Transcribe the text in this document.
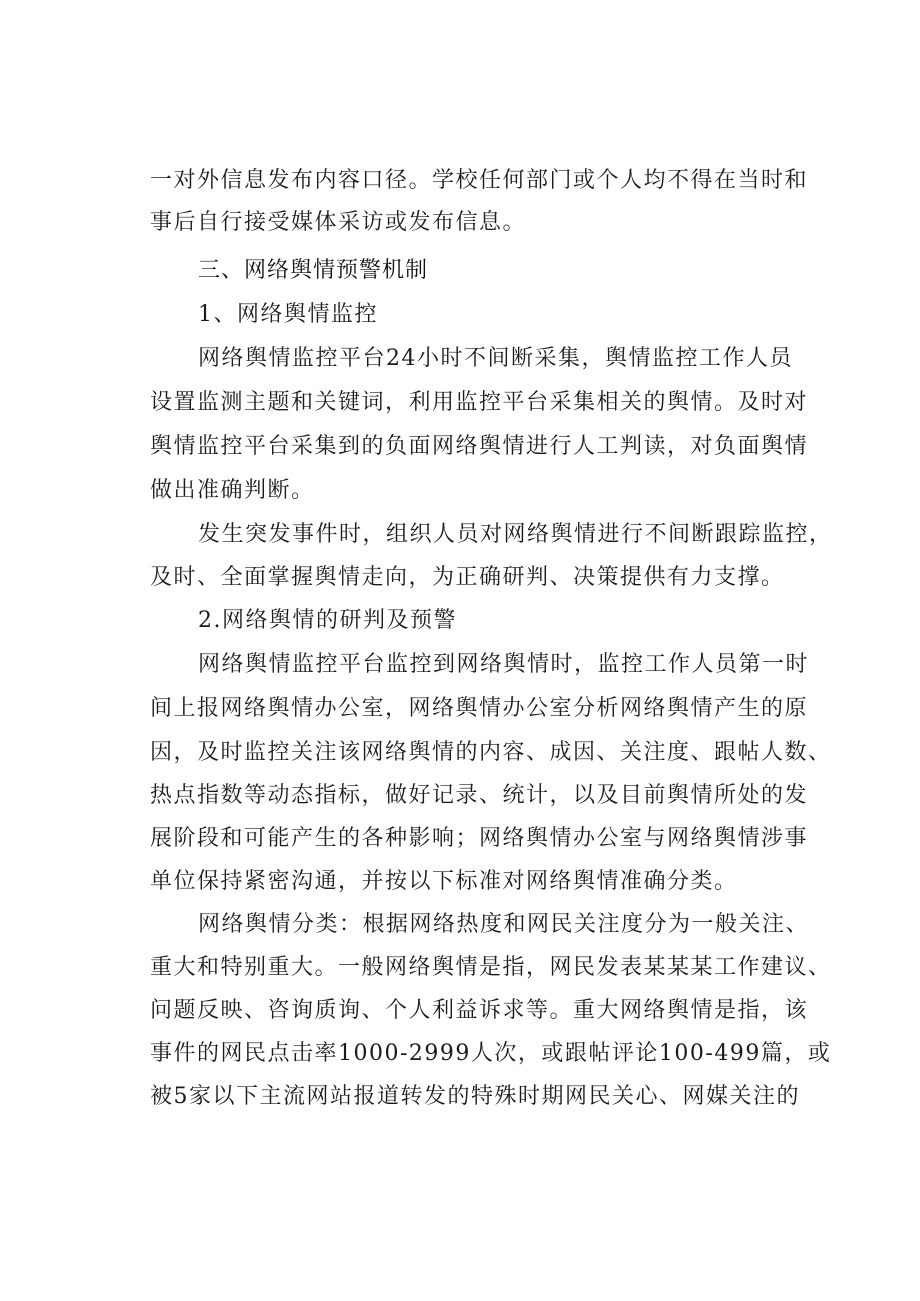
一对外信息发布内容口径。学校任何部门或个人均不得在当时和
事后自行接受媒体采访或发布信息。
三、网络舆情预警机制
1、网络舆情监控
网络舆情监控平台24小时不间断采集，舆情监控工作人员
设置监测主题和关键词，利用监控平台采集相关的舆情。及时对
舆情监控平台采集到的负面网络舆情进行人工判读，对负面舆情
做出准确判断。
发生突发事件时，组织人员对网络舆情进行不间断跟踪监控，
及时、全面掌握舆情走向，为正确研判、决策提供有力支撑。
2.网络舆情的研判及预警
网络舆情监控平台监控到网络舆情时，监控工作人员第一时
间上报网络舆情办公室，网络舆情办公室分析网络舆情产生的原
因，及时监控关注该网络舆情的内容、成因、关注度、跟帖人数、
热点指数等动态指标，做好记录、统计，以及目前舆情所处的发
展阶段和可能产生的各种影响；网络舆情办公室与网络舆情涉事
单位保持紧密沟通，并按以下标准对网络舆情准确分类。
网络舆情分类：根据网络热度和网民关注度分为一般关注、
重大和特别重大。一般网络舆情是指，网民发表某某某工作建议、
问题反映、咨询质询、个人利益诉求等。重大网络舆情是指，该
事件的网民点击率1000-2999人次，或跟帖评论100-499篇，或
被5家以下主流网站报道转发的特殊时期网民关心、网媒关注的
